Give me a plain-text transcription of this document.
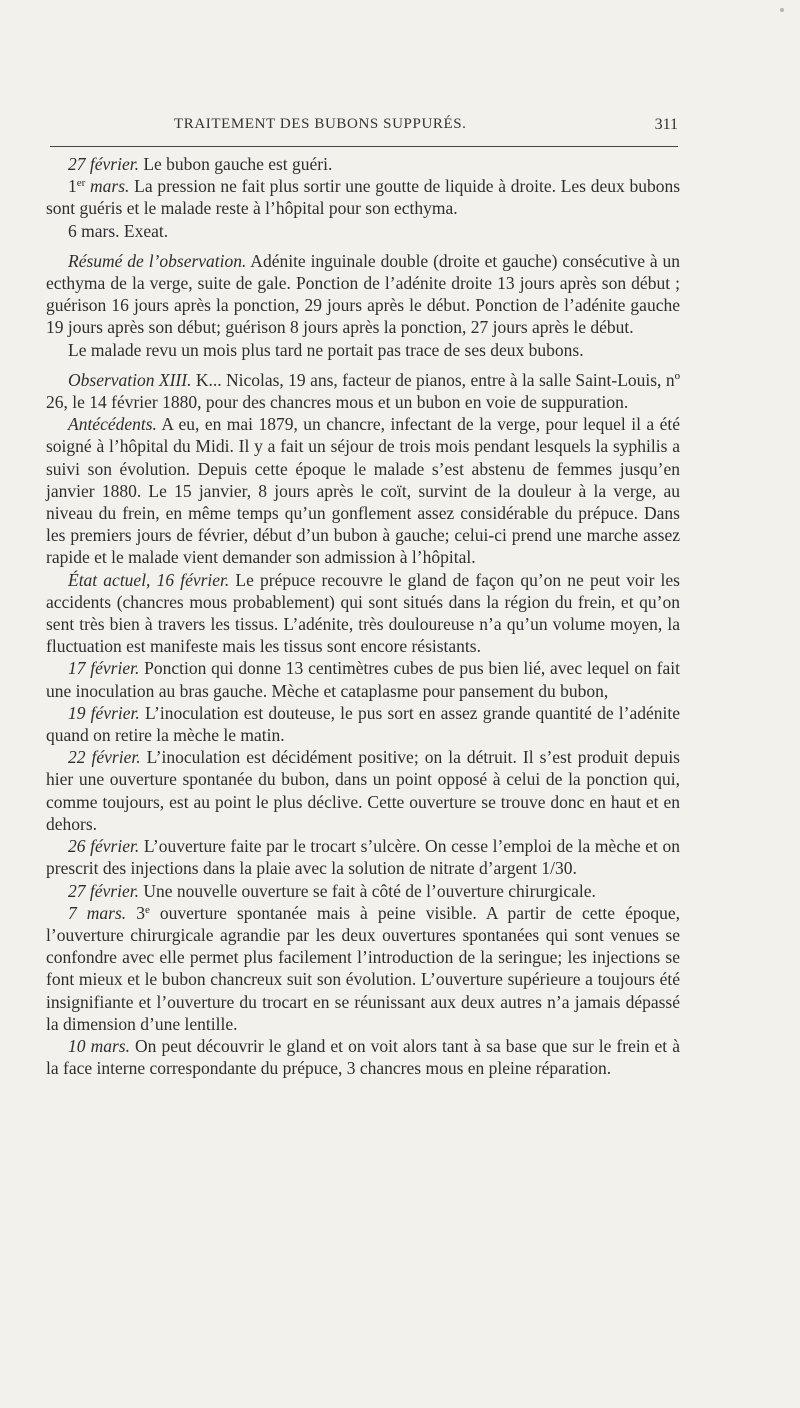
TRAITEMENT DES BUBONS SUPPURÉS.	311

27 février. Le bubon gauche est guéri.

1er mars. La pression ne fait plus sortir une goutte de liquide à droite. Les deux bubons sont guéris et le malade reste à l’hôpital pour son ecthyma.

6 mars. Exeat.

Résumé de l’observation. Adénite inguinale double (droite et gauche) consécutive à un ecthyma de la verge, suite de gale. Ponction de l’adénite droite 13 jours après son début ; guérison 16 jours après la ponction, 29 jours après le début. Ponction de l’adénite gauche 19 jours après son début; guérison 8 jours après la ponction, 27 jours après le début.

Le malade revu un mois plus tard ne portait pas trace de ses deux bubons.

Observation XIII. K... Nicolas, 19 ans, facteur de pianos, entre à la salle Saint-Louis, nº 26, le 14 février 1880, pour des chancres mous et un bubon en voie de suppuration.

Antécédents. A eu, en mai 1879, un chancre, infectant de la verge, pour lequel il a été soigné à l’hôpital du Midi. Il y a fait un séjour de trois mois pendant lesquels la syphilis a suivi son évolution. Depuis cette époque le malade s’est abstenu de femmes jusqu’en janvier 1880. Le 15 janvier, 8 jours après le coït, survint de la douleur à la verge, au niveau du frein, en même temps qu’un gonflement assez considérable du prépuce. Dans les premiers jours de février, début d’un bubon à gauche; celui-ci prend une marche assez rapide et le malade vient demander son admission à l’hôpital.

État actuel, 16 février. Le prépuce recouvre le gland de façon qu’on ne peut voir les accidents (chancres mous probablement) qui sont situés dans la région du frein, et qu’on sent très bien à travers les tissus. L’adénite, très douloureuse n’a qu’un volume moyen, la fluctuation est manifeste mais les tissus sont encore résistants.

17 février. Ponction qui donne 13 centimètres cubes de pus bien lié, avec lequel on fait une inoculation au bras gauche. Mèche et cataplasme pour pansement du bubon,

19 février. L’inoculation est douteuse, le pus sort en assez grande quantité de l’adénite quand on retire la mèche le matin.

22 février. L’inoculation est décidément positive; on la détruit. Il s’est produit depuis hier une ouverture spontanée du bubon, dans un point opposé à celui de la ponction qui, comme toujours, est au point le plus déclive. Cette ouverture se trouve donc en haut et en dehors.

26 février. L’ouverture faite par le trocart s’ulcère. On cesse l’emploi de la mèche et on prescrit des injections dans la plaie avec la solution de nitrate d’argent 1/30.

27 février. Une nouvelle ouverture se fait à côté de l’ouverture chirurgicale.

7 mars. 3e ouverture spontanée mais à peine visible. A partir de cette époque, l’ouverture chirurgicale agrandie par les deux ouvertures spontanées qui sont venues se confondre avec elle permet plus facilement l’introduction de la seringue; les injections se font mieux et le bubon chancreux suit son évolution. L’ouverture supérieure a toujours été insignifiante et l’ouverture du trocart en se réunissant aux deux autres n’a jamais dépassé la dimension d’une lentille.

10 mars. On peut découvrir le gland et on voit alors tant à sa base que sur le frein et à la face interne correspondante du prépuce, 3 chancres mous en pleine réparation.
